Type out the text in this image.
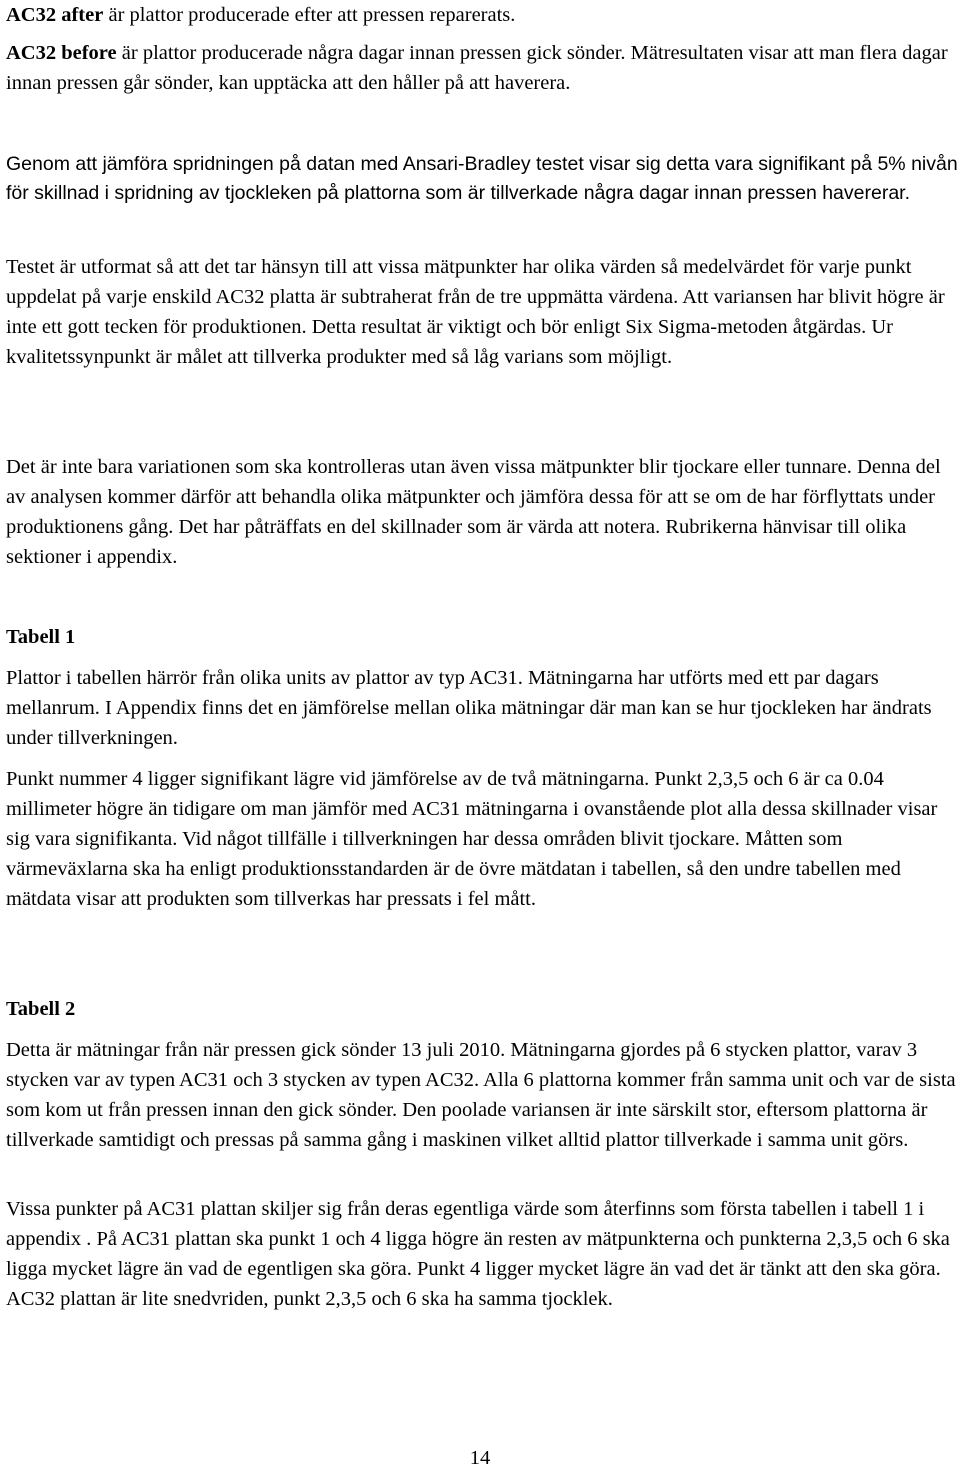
AC32 after är plattor producerade efter att pressen reparerats.

AC32 before är plattor producerade några dagar innan pressen gick sönder. Mätresultaten visar att man flera dagar innan pressen går sönder, kan upptäcka att den håller på att haverera.

Genom att jämföra spridningen på datan med Ansari-Bradley testet visar sig detta vara signifikant på 5% nivån för skillnad i spridning av tjockleken på plattorna som är tillverkade några dagar innan pressen havererar.

Testet är utformat så att det tar hänsyn till att vissa mätpunkter har olika värden så medelvärdet för varje punkt uppdelat på varje enskild AC32 platta är subtraherat från de tre uppmätta värdena. Att variansen har blivit högre är inte ett gott tecken för produktionen. Detta resultat är viktigt och bör enligt Six Sigma-metoden åtgärdas. Ur kvalitetssynpunkt är målet att tillverka produkter med så låg varians som möjligt.

Det är inte bara variationen som ska kontrolleras utan även vissa mätpunkter blir tjockare eller tunnare. Denna del av analysen kommer därför att behandla olika mätpunkter och jämföra dessa för att se om de har förflyttats under produktionens gång. Det har påträffats en del skillnader som är värda att notera. Rubrikerna hänvisar till olika sektioner i appendix.

Tabell 1

Plattor i tabellen härrör från olika units av plattor av typ AC31. Mätningarna har utförts med ett par dagars mellanrum. I Appendix finns det en jämförelse mellan olika mätningar där man kan se hur tjockleken har ändrats under tillverkningen.

Punkt nummer 4 ligger signifikant lägre vid jämförelse av de två mätningarna. Punkt 2,3,5 och 6 är ca 0.04 millimeter högre än tidigare om man jämför med AC31 mätningarna i ovanstående plot alla dessa skillnader visar sig vara signifikanta. Vid något tillfälle i tillverkningen har dessa områden blivit tjockare. Måtten som värmeväxlarna ska ha enligt produktionsstandarden är de övre mätdatan i tabellen, så den undre tabellen med mätdata visar att produkten som tillverkas har pressats i fel mått.

Tabell 2

Detta är mätningar från när pressen gick sönder 13 juli 2010. Mätningarna gjordes på 6 stycken plattor, varav 3 stycken var av typen AC31 och 3 stycken av typen AC32. Alla 6 plattorna kommer från samma unit och var de sista som kom ut från pressen innan den gick sönder. Den poolade variansen är inte särskilt stor, eftersom plattorna är tillverkade samtidigt och pressas på samma gång i maskinen vilket alltid plattor tillverkade i samma unit görs.

Vissa punkter på AC31 plattan skiljer sig från deras egentliga värde som återfinns som första tabellen i tabell 1 i appendix . På AC31 plattan ska punkt 1 och 4 ligga högre än resten av mätpunkterna och punkterna 2,3,5 och 6 ska ligga mycket lägre än vad de egentligen ska göra. Punkt 4 ligger mycket lägre än vad det är tänkt att den ska göra. AC32 plattan är lite snedvriden, punkt 2,3,5 och 6 ska ha samma tjocklek.

14
